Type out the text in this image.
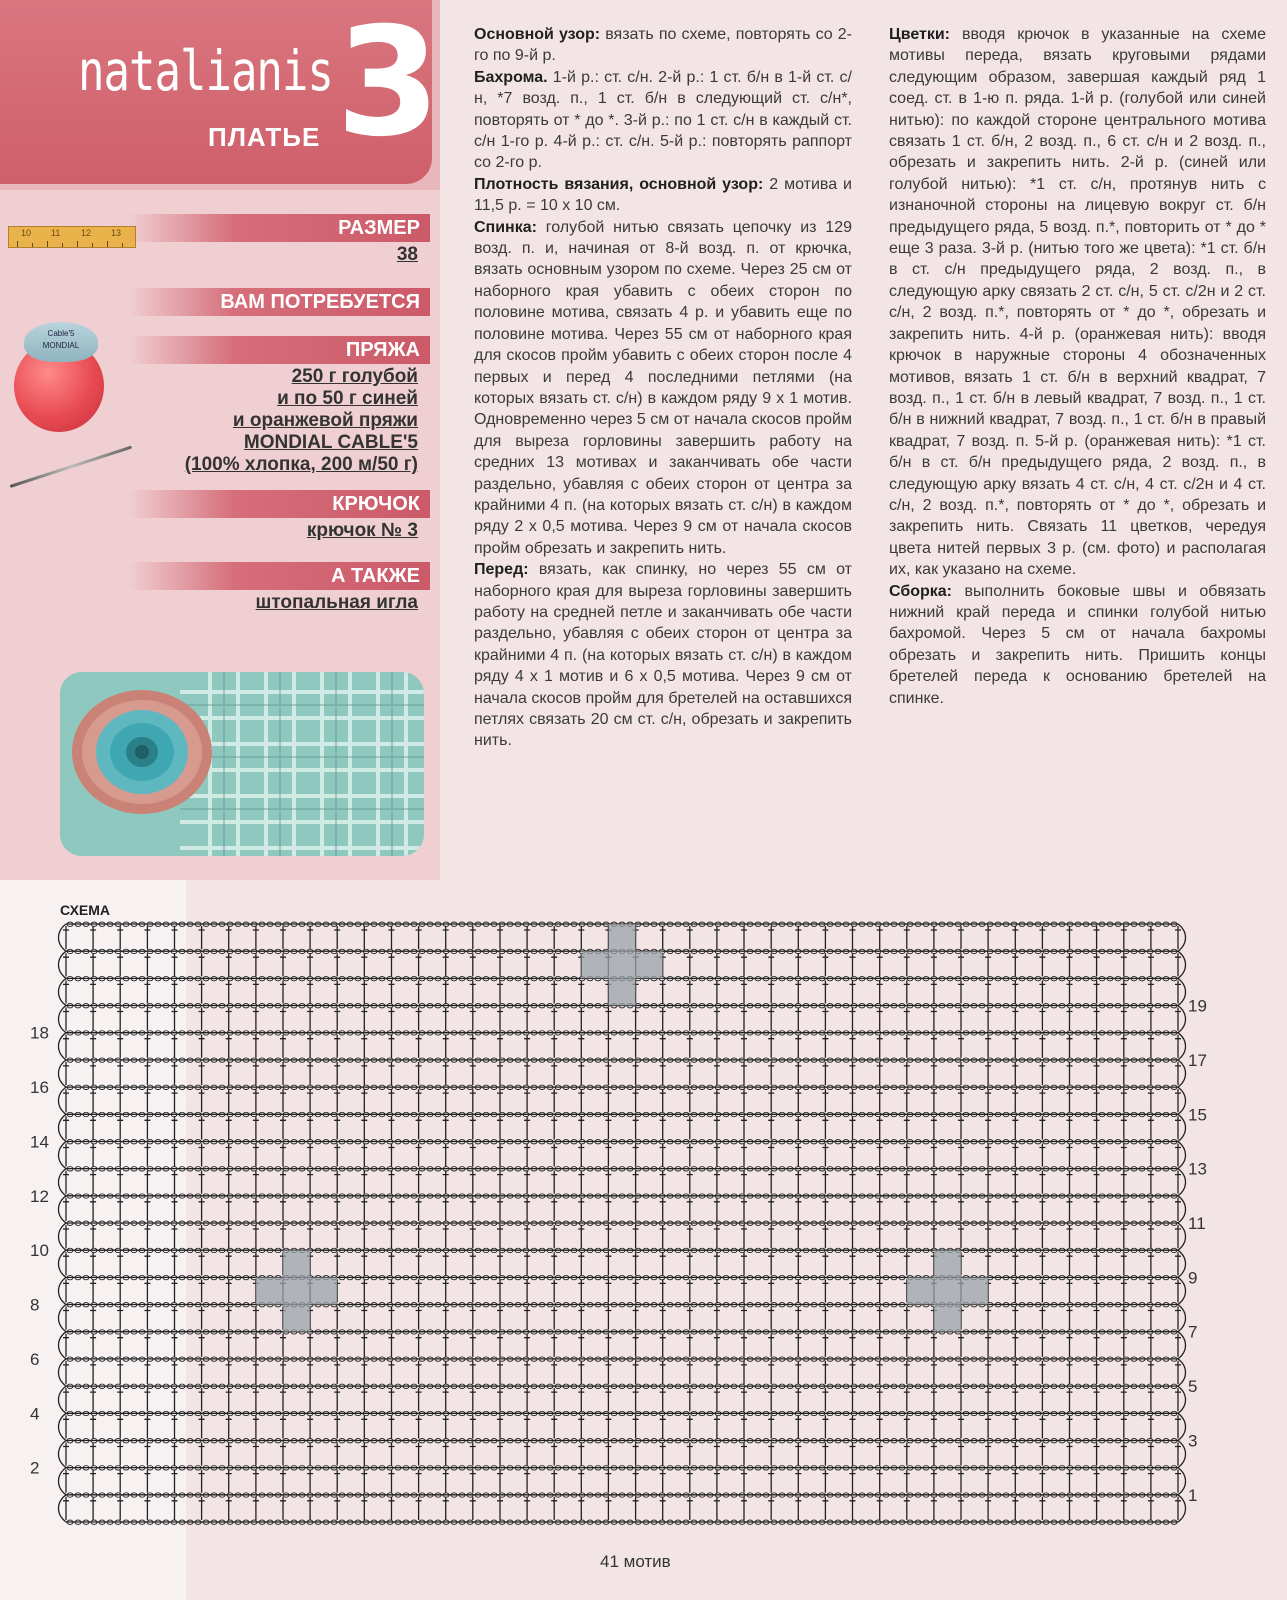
natalianis
ПЛАТЬЕ 3
10 11 12 13	РАЗМЕР
38
ВАМ ПОТРЕБУЕТСЯ
ПРЯЖА
Cable'5 MONDIAL
250 г голубой
и по 50 г синей
и оранжевой пряжи
MONDIAL CABLE'5
(100% хлопка, 200 м/50 г)
КРЮЧОК
крючок № 3
А ТАКЖЕ
штопальная игла

Основной узор: вязать по схеме, повторять со 2-го по 9-й р.

Бахрома. 1-й р.: ст. с/н. 2-й р.: 1 ст. б/н в 1-й ст. с/н, *7 возд. п., 1 ст. б/н в следующий ст. с/н*, повторять от * до *. 3-й р.: по 1 ст. с/н в каждый ст. с/н 1-го р. 4-й р.: ст. с/н. 5-й р.: повторять раппорт со 2-го р.

Плотность вязания, основной узор: 2 мотива и 11,5 р. = 10 х 10 см.

Спинка: голубой нитью связать цепочку из 129 возд. п. и, начиная от 8-й возд. п. от крючка, вязать основным узором по схеме. Через 25 см от наборного края убавить с обеих сторон по половине мотива, связать 4 р. и убавить еще по половине мотива. Через 55 см от наборного края для скосов пройм убавить с обеих сторон после 4 первых и перед 4 последними петлями (на которых вязать ст. с/н) в каждом ряду 9 х 1 мотив. Одновременно через 5 см от начала скосов пройм для выреза горловины завершить работу на средних 13 мотивах и заканчивать обе части раздельно, убавляя с обеих сторон от центра за крайними 4 п. (на которых вязать ст. с/н) в каждом ряду 2 х 0,5 мотива. Через 9 см от начала скосов пройм обрезать и закрепить нить.

Перед: вязать, как спинку, но через 55 см от наборного края для выреза горловины завершить работу на средней петле и заканчивать обе части раздельно, убавляя с обеих сторон от центра за крайними 4 п. (на которых вязать ст. с/н) в каждом ряду 4 х 1 мотив и 6 х 0,5 мотива. Через 9 см от начала скосов пройм для бретелей на оставшихся петлях связать 20 см ст. с/н, обрезать и закрепить нить.

Цветки: вводя крючок в указанные на схеме мотивы переда, вязать круговыми рядами следующим образом, завершая каждый ряд 1 соед. ст. в 1-ю п. ряда. 1-й р. (голубой или синей нитью): по каждой стороне центрального мотива связать 1 ст. б/н, 2 возд. п., 6 ст. с/н и 2 возд. п., обрезать и закрепить нить. 2-й р. (синей или голубой нитью): *1 ст. с/н, протянув нить с изнаночной стороны на лицевую вокруг ст. б/н предыдущего ряда, 5 возд. п.*, повторить от * до * еще 3 раза. 3-й р. (нитью того же цвета): *1 ст. б/н в ст. с/н предыдущего ряда, 2 возд. п., в следующую арку связать 2 ст. с/н, 5 ст. с/2н и 2 ст. с/н, 2 возд. п.*, повторять от * до *, обрезать и закрепить нить. 4-й р. (оранжевая нить): вводя крючок в наружные стороны 4 обозначенных мотивов, вязать 1 ст. б/н в верхний квадрат, 7 возд. п., 1 ст. б/н в левый квадрат, 7 возд. п., 1 ст. б/н в нижний квадрат, 7 возд. п., 1 ст. б/н в правый квадрат, 7 возд. п. 5-й р. (оранжевая нить): *1 ст. б/н в ст. б/н предыдущего ряда, 2 возд. п., в следующую арку вязать 4 ст. с/н, 4 ст. с/2н и 4 ст. с/н, 2 возд. п.*, повторять от * до *, обрезать и закрепить нить. Связать 11 цветков, чередуя цвета нитей первых 3 р. (см. фото) и располагая их, как указано на схеме.

Сборка: выполнить боковые швы и обвязать нижний край переда и спинки голубой нитью бахромой. Через 5 см от начала бахромы обрезать и закрепить нить. Пришить концы бретелей переда к основанию бретелей на спинке.

СХЕМА
18
16
14
12
10
8
6
4
2
19
17
15
13
11
9
7
5
3
1
41 мотив
